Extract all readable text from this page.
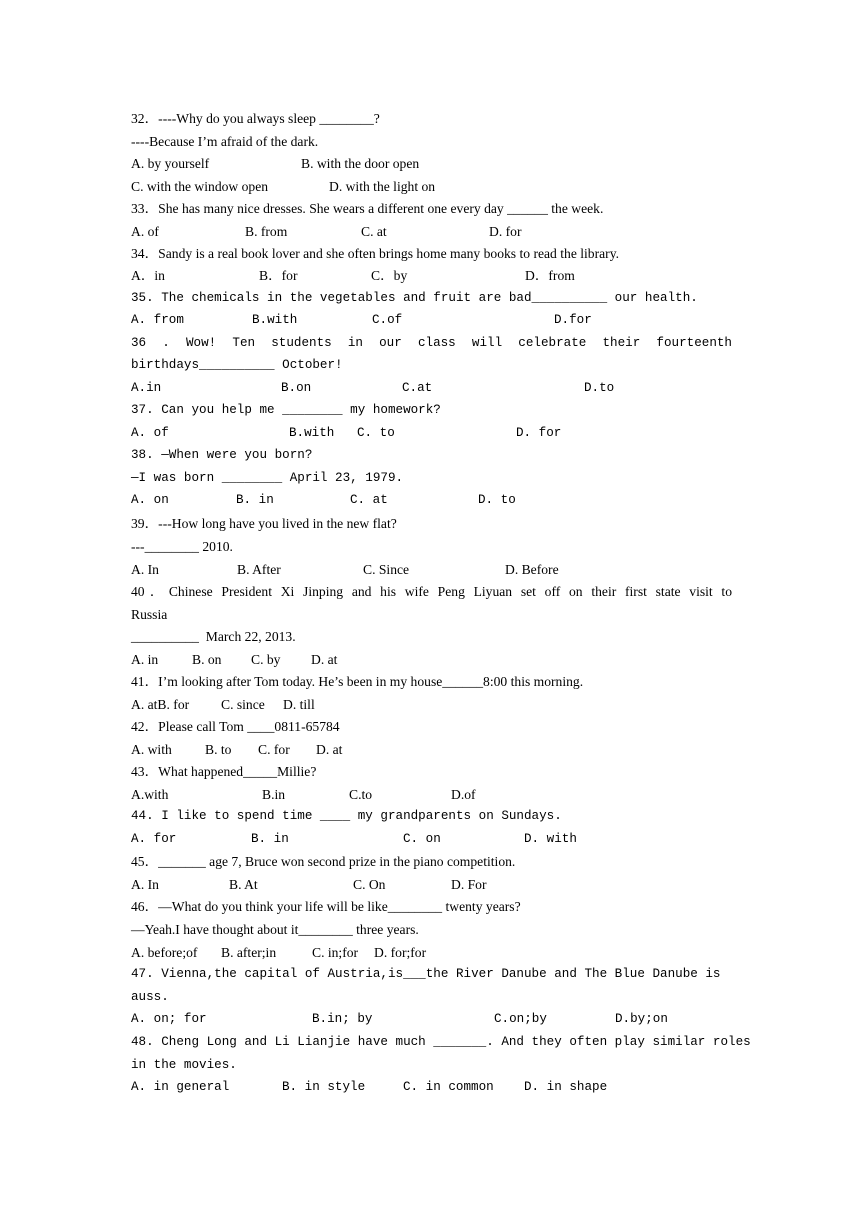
32．----Why do you always sleep ________?
----Because I’m afraid of the dark.
A. by yourself	B. with the door open
C. with the window open	D. with the light on
33．She has many nice dresses. She wears a different one every day ______ the week.
A. of	B. from	C. at	D. for
34．Sandy is a real book lover and she often brings home many books to read the library.
A．in	B．for	C．by	D．from
35. The chemicals in the vegetables and fruit are bad__________ our health.
A. from	B.with	C.of	D.for
36 . Wow! Ten students in our class will celebrate their fourteenth
birthdays__________ October!
A.in	B.on	C.at	D.to
37. Can you help me ________ my homework?
A. of	B.with C. to	D. for
38. —When were you born?
—I was born ________ April 23, 1979.
A. on	B. in	C. at	D. to
39．---How long have you lived in the new flat?
---________ 2010.
A. In	B. After	C. Since	D. Before
40．Chinese President Xi Jinping and his wife Peng Liyuan set off on their first state visit to
Russia
__________  March 22, 2013.
A. in B. on C. by D. at
41．I’m looking after Tom today. He’s been in my house______8:00 this morning.
A. atB. for C. since D. till
42．Please call Tom ____0811-65784
A. with B. to C. for D. at
43．What happened_____Millie?
A.with	B.in	C.to	D.of
44. I like to spend time ____ my grandparents on Sundays.
A. for	B. in	C. on	D. with
45．_______ age 7, Bruce won second prize in the piano competition.
A. In	B. At	C. On	D. For
46．—What do you think your life will be like________ twenty years?
—Yeah.I have thought about it________ three years.
A. before;of B. after;in	C. in;for D. for;for
47. Vienna,the capital of Austria,is___the River Danube and The Blue Danube is
auss.
A. on; for	B.in; by	C.on;by	D.by;on
48. Cheng Long and Li Lianjie have much _______. And they often play similar roles
in the movies.
A. in general	B. in style	C. in common D. in shape
